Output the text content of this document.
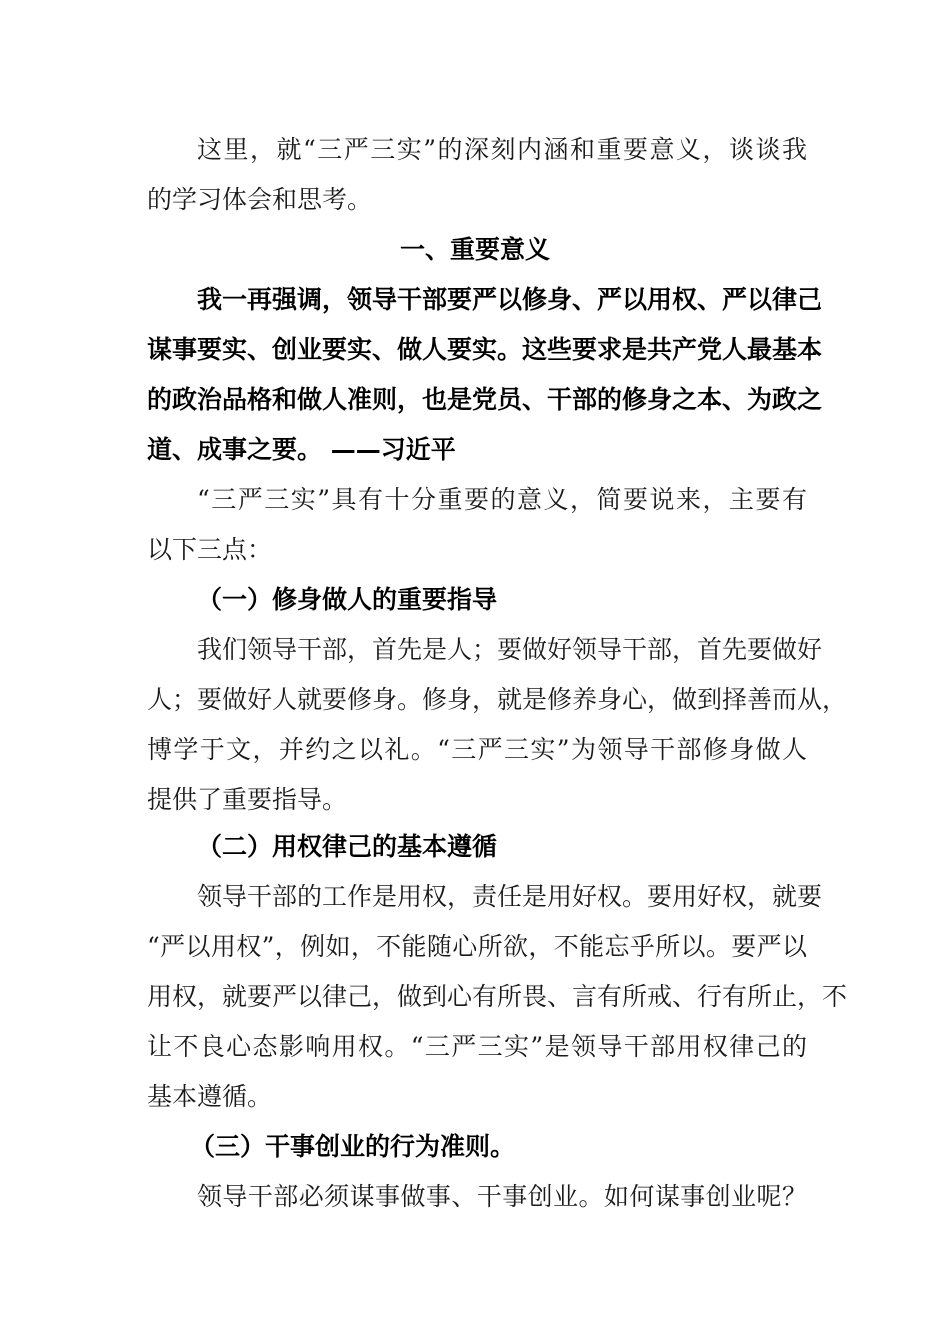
这里，就“三严三实”的深刻内涵和重要意义，谈谈我
的学习体会和思考。
一、重要意义
我一再强调，领导干部要严以修身、严以用权、严以律己
谋事要实、创业要实、做人要实。这些要求是共产党人最基本
的政治品格和做人准则，也是党员、干部的修身之本、为政之
道、成事之要。 ——习近平
“三严三实”具有十分重要的意义，简要说来，主要有
以下三点：
（一）修身做人的重要指导
我们领导干部，首先是人；要做好领导干部，首先要做好
人；要做好人就要修身。修身，就是修养身心，做到择善而从，
博学于文，并约之以礼。“三严三实”为领导干部修身做人
提供了重要指导。
（二）用权律己的基本遵循
领导干部的工作是用权，责任是用好权。要用好权，就要
“严以用权”，例如，不能随心所欲，不能忘乎所以。要严以
用权，就要严以律己，做到心有所畏、言有所戒、行有所止，不
让不良心态影响用权。“三严三实”是领导干部用权律己的
基本遵循。
（三）干事创业的行为准则。
领导干部必须谋事做事、干事创业。如何谋事创业呢？
